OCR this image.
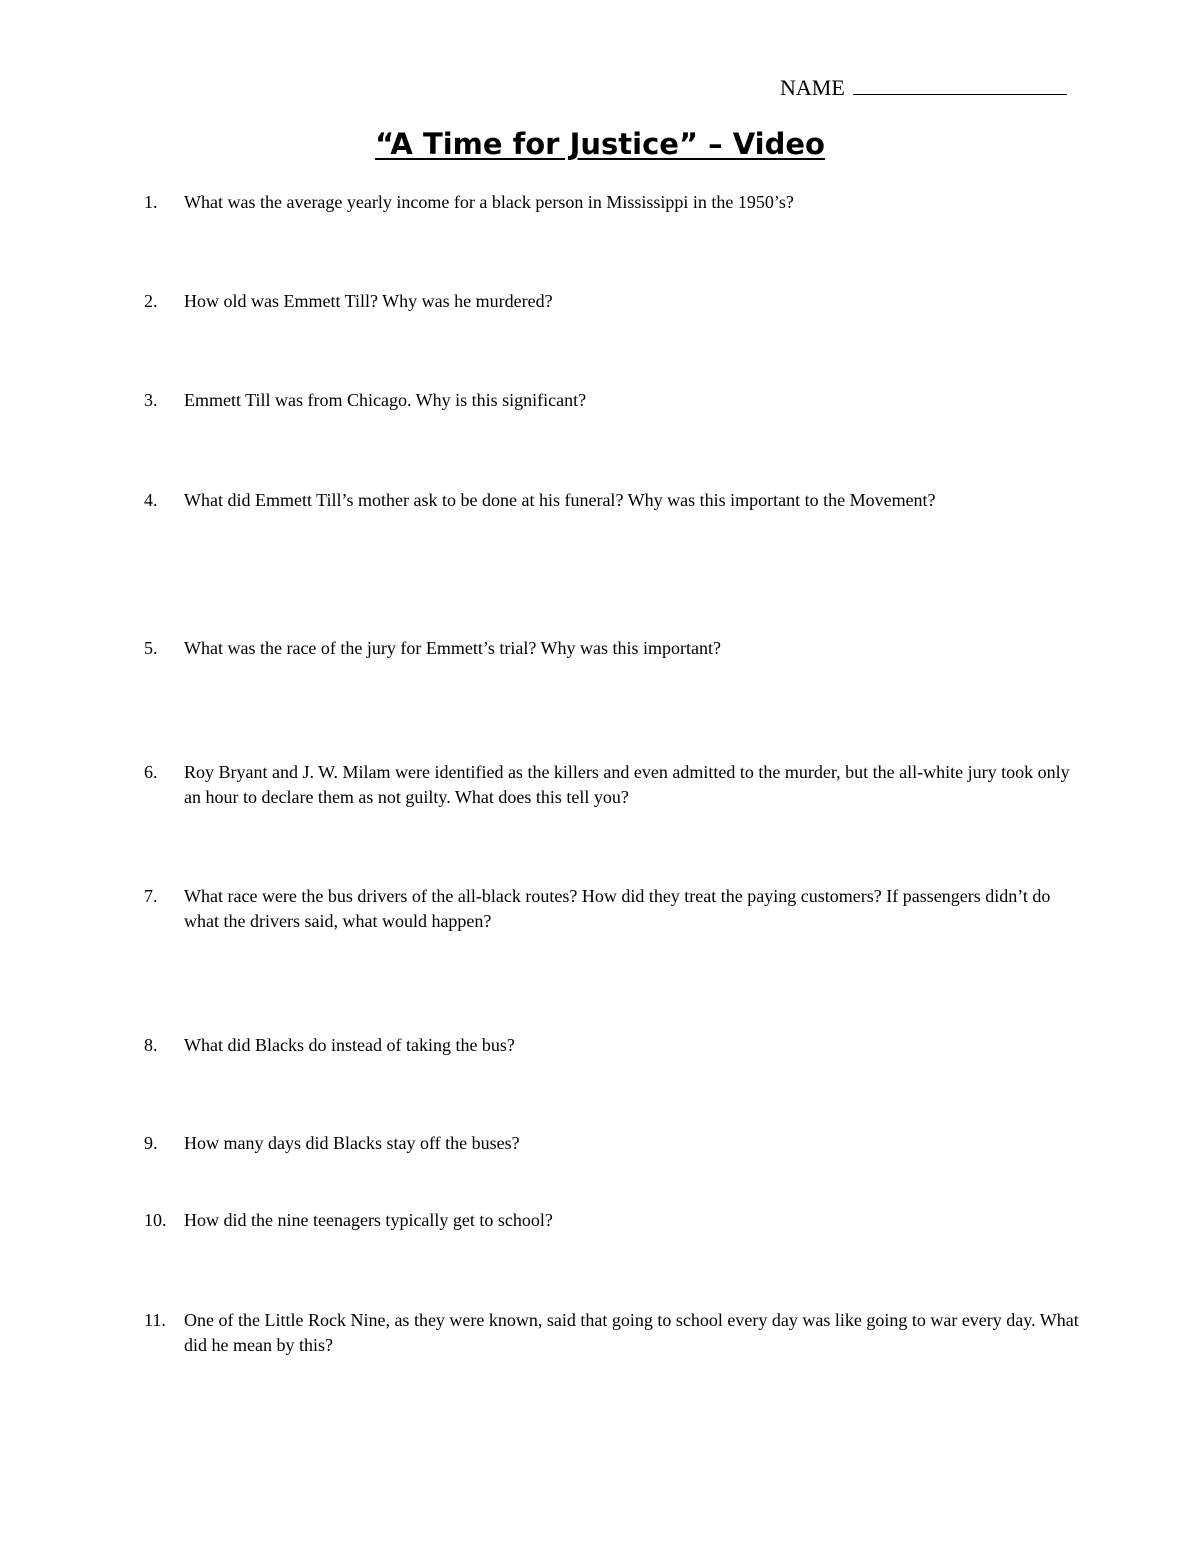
NAME
“A Time for Justice” – Video
1.	What was the average yearly income for a black person in Mississippi in the 1950’s?
2.	How old was Emmett Till? Why was he murdered?
3.	Emmett Till was from Chicago. Why is this significant?
4.	What did Emmett Till’s mother ask to be done at his funeral? Why was this important to the Movement?
5.	What was the race of the jury for Emmett’s trial? Why was this important?
6.	Roy Bryant and J. W. Milam were identified as the killers and even admitted to the murder, but the all-white jury took only an hour to declare them as not guilty. What does this tell you?
7.	What race were the bus drivers of the all-black routes? How did they treat the paying customers? If passengers didn’t do what the drivers said, what would happen?
8.	What did Blacks do instead of taking the bus?
9.	How many days did Blacks stay off the buses?
10. How did the nine teenagers typically get to school?
11.	One of the Little Rock Nine, as they were known, said that going to school every day was like going to war every day. What did he mean by this?
